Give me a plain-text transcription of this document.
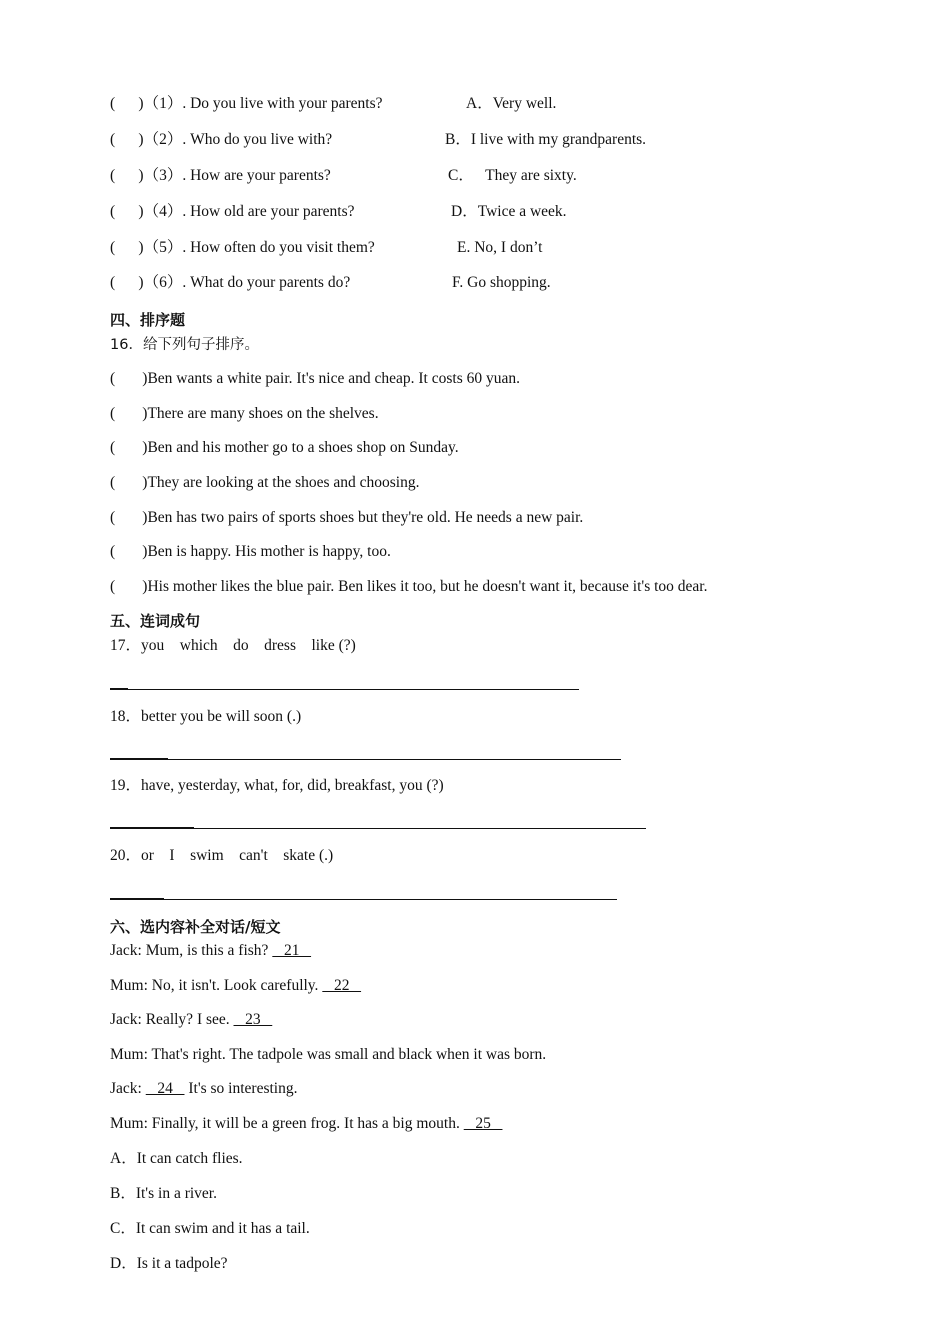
(      )（1）. Do you live with your parents?	A．Very well.
(      )（2）. Who do you live with?	B．I live with my grandparents.
(      )（3）. How are your parents?	C．   They are sixty.
(      )（4）. How old are your parents?	D．Twice a week.
(      )（5）. How often do you visit them?	E. No, I don’t
(      )（6）. What do your parents do?	F. Go shopping.
四、排序题
16．给下列句子排序。
(       )Ben wants a white pair. It's nice and cheap. It costs 60 yuan.
(       )There are many shoes on the shelves.
(       )Ben and his mother go to a shoes shop on Sunday.
(       )They are looking at the shoes and choosing.
(       )Ben has two pairs of sports shoes but they're old. He needs a new pair.
(       )Ben is happy. His mother is happy, too.
(       )His mother likes the blue pair. Ben likes it too, but he doesn't want it, because it's too dear.
五、连词成句
17．you    which    do    dress    like (?)
18．better you be will soon (.)
19．have, yesterday, what, for, did, breakfast, you (?)
20．or    I    swim    can't    skate (.)
六、选内容补全对话/短文
Jack: Mum, is this a fish?    21
Mum: No, it isn't. Look carefully.    22
Jack: Really? I see.    23
Mum: That's right. The tadpole was small and black when it was born.
Jack:    24    It's so interesting.
Mum: Finally, it will be a green frog. It has a big mouth.    25
A．It can catch flies.
B．It's in a river.
C．It can swim and it has a tail.
D．Is it a tadpole?
